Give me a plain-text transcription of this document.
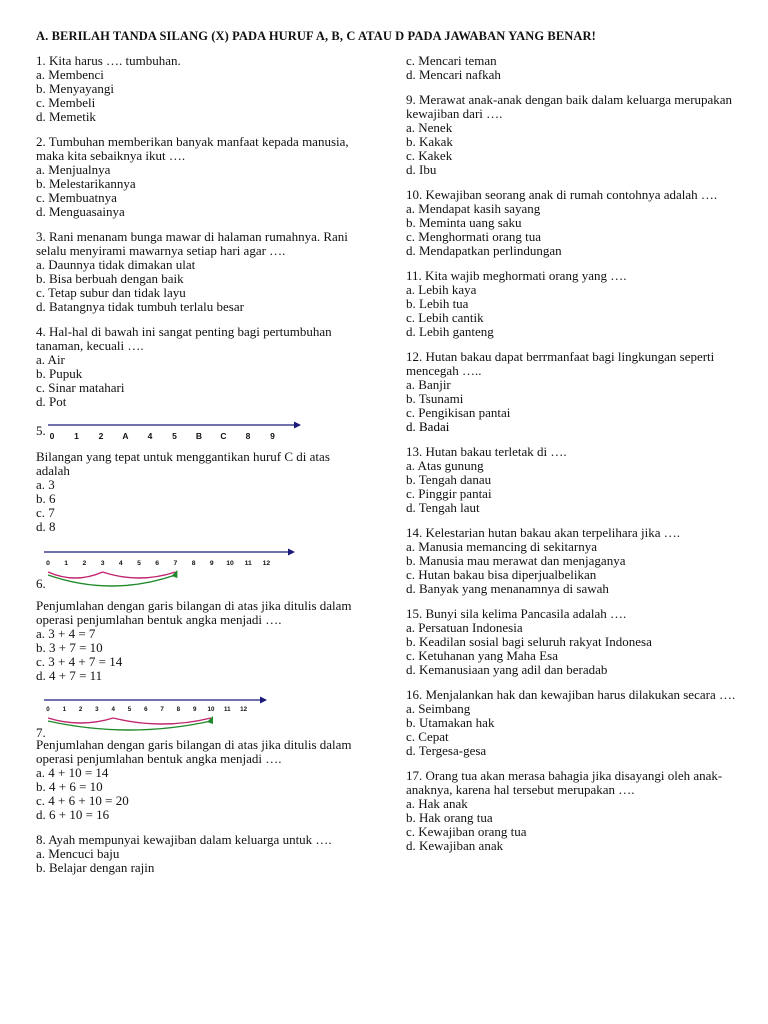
A. BERILAH TANDA SILANG (X) PADA HURUF A, B, C ATAU D PADA JAWABAN YANG BENAR!
1. Kita harus …. tumbuhan.
a. Membenci
b. Menyayangi
c. Membeli
d. Memetik
2. Tumbuhan memberikan banyak manfaat kepada manusia, maka kita sebaiknya ikut ….
a. Menjualnya
b. Melestarikannya
c. Membuatnya
d. Menguasainya
3. Rani menanam bunga mawar di halaman rumahnya. Rani selalu menyirami mawarnya setiap hari agar ….
a. Daunnya tidak dimakan ulat
b. Bisa berbuah dengan baik
c. Tetap subur dan tidak layu
d. Batangnya tidak tumbuh terlalu besar
4. Hal-hal di bawah ini sangat penting bagi pertumbuhan tanaman, kecuali ….
a. Air
b. Pupuk
c. Sinar matahari
d. Pot
5. 0 1 2 A 4 5 B C 8 9
Bilangan yang tepat untuk menggantikan huruf C di atas adalah
a. 3
b. 6
c. 7
d. 8
0 1 2 3 4 5 6 7 8 9 10 11 12
6.
Penjumlahan dengan garis bilangan di atas jika ditulis dalam operasi penjumlahan bentuk angka menjadi ….
a. 3 + 4 = 7
b. 3 + 7 = 10
c. 3 + 4 + 7 = 14
d. 4 + 7 = 11
0 1 2 3 4 5 6 7 8 9 10 11 12
7.
Penjumlahan dengan garis bilangan di atas jika ditulis dalam operasi penjumlahan bentuk angka menjadi ….
a. 4 + 10 = 14
b. 4 + 6 = 10
c. 4 + 6 + 10 = 20
d. 6 + 10 = 16
8. Ayah mempunyai kewajiban dalam keluarga untuk ….
a. Mencuci baju
b. Belajar dengan rajin
c. Mencari teman
d. Mencari nafkah
9. Merawat anak-anak dengan baik dalam keluarga merupakan kewajiban dari ….
a. Nenek
b. Kakak
c. Kakek
d. Ibu
10. Kewajiban seorang anak di rumah contohnya adalah ….
a. Mendapat kasih sayang
b. Meminta uang saku
c. Menghormati orang tua
d. Mendapatkan perlindungan
11. Kita wajib meghormati orang yang ….
a. Lebih kaya
b. Lebih tua
c. Lebih cantik
d. Lebih ganteng
12. Hutan bakau dapat berrmanfaat bagi lingkungan seperti mencegah …..
a. Banjir
b. Tsunami
c. Pengikisan pantai
d. Badai
13. Hutan bakau terletak di ….
a. Atas gunung
b. Tengah danau
c. Pinggir pantai
d. Tengah laut
14. Kelestarian hutan bakau akan terpelihara jika ….
a. Manusia memancing di sekitarnya
b. Manusia mau merawat dan menjaganya
c. Hutan bakau bisa diperjualbelikan
d. Banyak yang menanamnya di sawah
15. Bunyi sila kelima Pancasila adalah ….
a. Persatuan Indonesia
b. Keadilan sosial bagi seluruh rakyat Indonesa
c. Ketuhanan yang Maha Esa
d. Kemanusiaan yang adil dan beradab
16. Menjalankan hak dan kewajiban harus dilakukan secara ….
a. Seimbang
b. Utamakan hak
c. Cepat
d. Tergesa-gesa
17. Orang tua akan merasa bahagia jika disayangi oleh anak-anaknya, karena hal tersebut merupakan ….
a. Hak anak
b. Hak orang tua
c. Kewajiban orang tua
d. Kewajiban anak
